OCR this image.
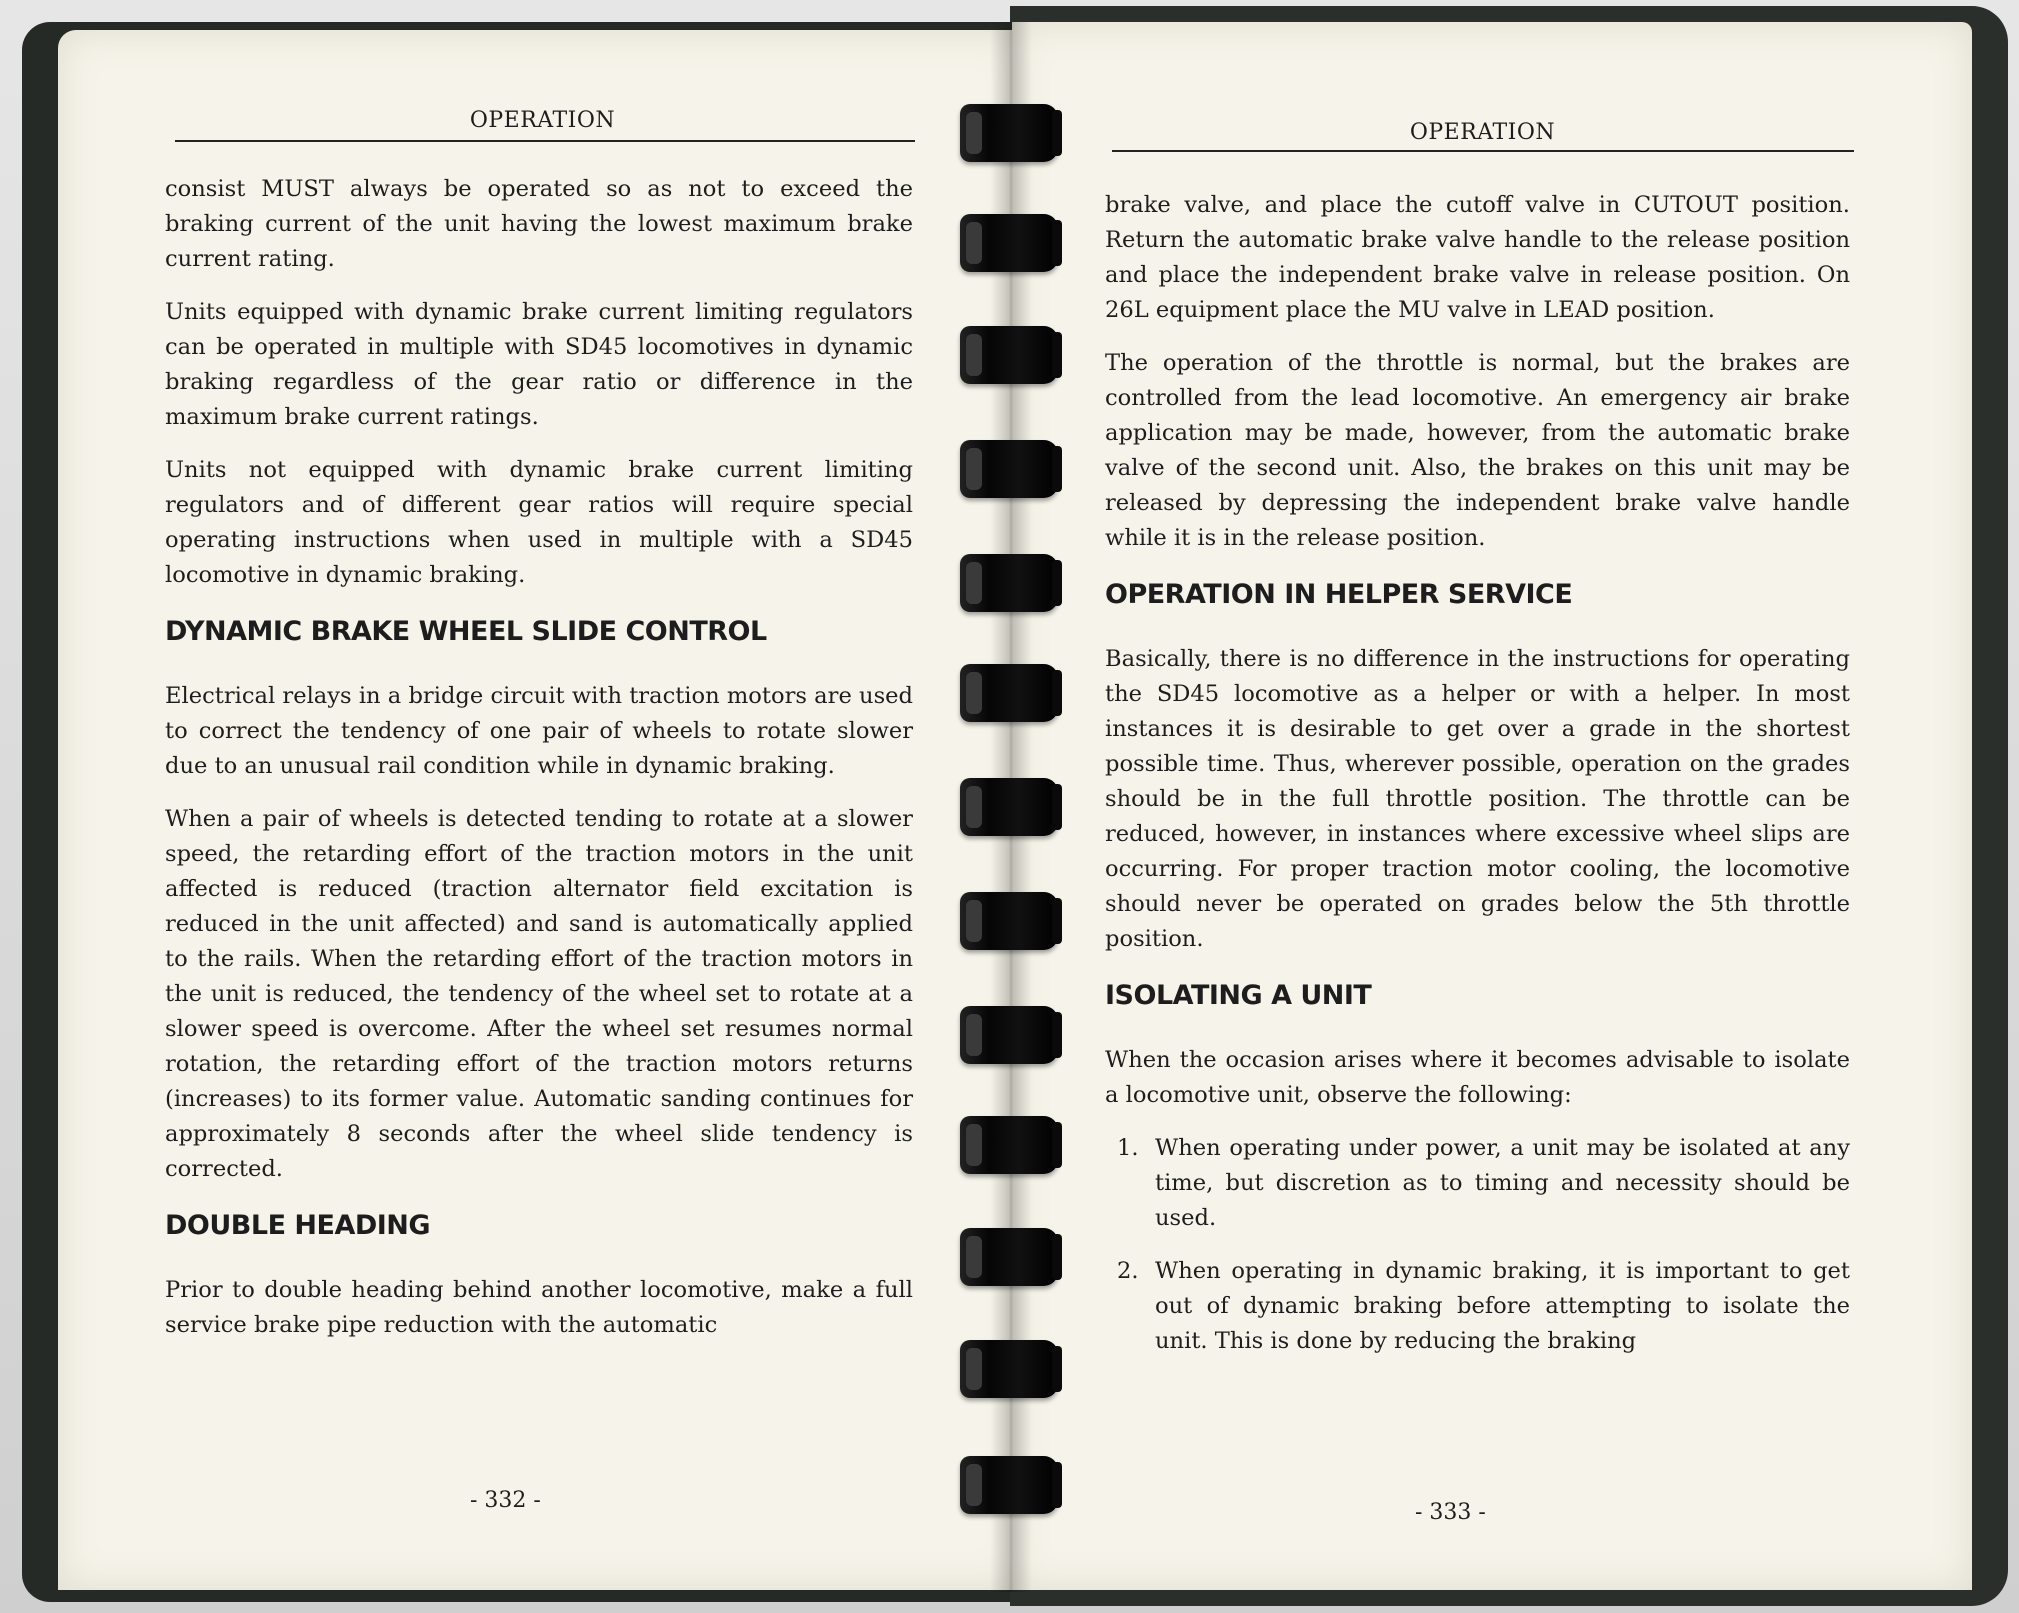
OPERATION

consist MUST always be operated so as not to exceed the braking current of the unit having the lowest maximum brake current rating.

Units equipped with dynamic brake current limiting regulators can be operated in multiple with SD45 locomotives in dynamic braking regardless of the gear ratio or difference in the maximum brake current ratings.

Units not equipped with dynamic brake current limiting regulators and of different gear ratios will require special operating instructions when used in multiple with a SD45 locomotive in dynamic braking.

DYNAMIC BRAKE WHEEL SLIDE CONTROL

Electrical relays in a bridge circuit with traction motors are used to correct the tendency of one pair of wheels to rotate slower due to an unusual rail condition while in dynamic braking.

When a pair of wheels is detected tending to rotate at a slower speed, the retarding effort of the traction motors in the unit affected is reduced (traction alternator field excitation is reduced in the unit affected) and sand is automatically applied to the rails. When the retarding effort of the traction motors in the unit is reduced, the tendency of the wheel set to rotate at a slower speed is overcome. After the wheel set resumes normal rotation, the retarding effort of the traction motors returns (increases) to its former value. Automatic sanding continues for approximately 8 seconds after the wheel slide tendency is corrected.

DOUBLE HEADING

Prior to double heading behind another locomotive, make a full service brake pipe reduction with the automatic

- 332 -
OPERATION

brake valve, and place the cutoff valve in CUTOUT position. Return the automatic brake valve handle to the release position and place the independent brake valve in release position. On 26L equipment place the MU valve in LEAD position.

The operation of the throttle is normal, but the brakes are controlled from the lead locomotive. An emergency air brake application may be made, however, from the automatic brake valve of the second unit. Also, the brakes on this unit may be released by depressing the independent brake valve handle while it is in the release position.

OPERATION IN HELPER SERVICE

Basically, there is no difference in the instructions for operating the SD45 locomotive as a helper or with a helper. In most instances it is desirable to get over a grade in the shortest possible time. Thus, wherever possible, operation on the grades should be in the full throttle position. The throttle can be reduced, however, in instances where excessive wheel slips are occurring. For proper traction motor cooling, the locomotive should never be operated on grades below the 5th throttle position.

ISOLATING A UNIT

When the occasion arises where it becomes advisable to isolate a locomotive unit, observe the following:

1. When operating under power, a unit may be isolated at any time, but discretion as to timing and necessity should be used.
2. When operating in dynamic braking, it is important to get out of dynamic braking before attempting to isolate the unit. This is done by reducing the braking
- 333 -
